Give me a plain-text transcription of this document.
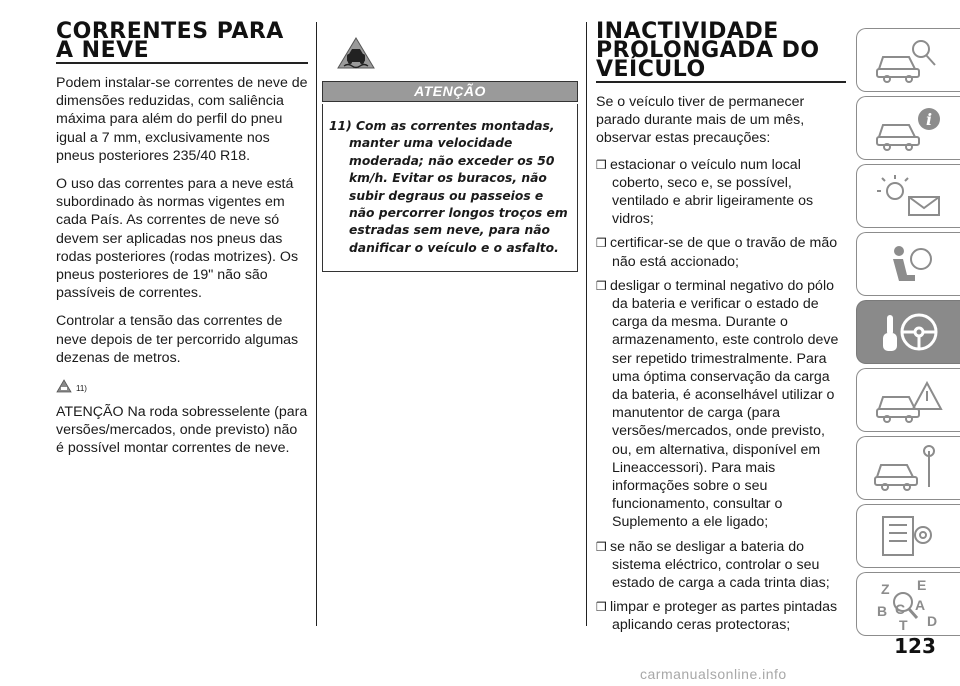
CORRENTES PARA A NEVE

Podem instalar-se correntes de neve de dimensões reduzidas, com saliência máxima para além do perfil do pneu igual a 7 mm, exclusivamente nos pneus posteriores 235/40 R18.

O uso das correntes para a neve está subordinado às normas vigentes em cada País. As correntes de neve só devem ser aplicadas nos pneus das rodas posteriores (rodas motrizes). Os pneus posteriores de 19" não são passíveis de correntes.

Controlar a tensão das correntes de neve depois de ter percorrido algumas dezenas de metros.

11)

ATENÇÃO Na roda sobresselente (para versões/mercados, onde previsto) não é possível montar correntes de neve.

ATENÇÃO
11) Com as correntes montadas, manter uma velocidade moderada; não exceder os 50 km/h. Evitar os buracos, não subir degraus ou passeios e não percorrer longos troços em estradas sem neve, para não danificar o veículo e o asfalto.
INACTIVIDADE PROLONGADA DO VEÍCULO

Se o veículo tiver de permanecer parado durante mais de um mês, observar estas precauções:

❒ estacionar o veículo num local coberto, seco e, se possível, ventilado e abrir ligeiramente os vidros;
❒ certificar-se de que o travão de mão não está accionado;
❒ desligar o terminal negativo do pólo da bateria e verificar o estado de carga da mesma. Durante o armazenamento, este controlo deve ser repetido trimestralmente. Para uma óptima conservação da carga da bateria, é aconselhável utilizar o manutentor de carga (para versões/mercados, onde previsto, ou, em alternativa, disponível em Lineaccessori). Para mais informações sobre o seu funcionamento, consultar o Suplemento a ele ligado;
❒ se não se desligar a bateria do sistema eléctrico, controlar o seu estado de carga a cada trinta dias;
❒ limpar e proteger as partes pintadas aplicando ceras protectoras;
i
Z E
A
B C
T D
123
carmanualsonline.info
